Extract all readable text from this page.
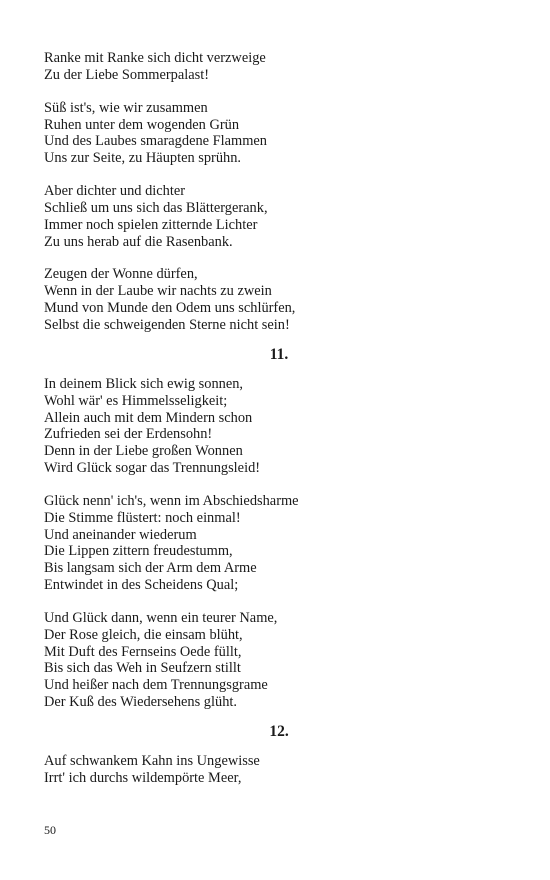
Ranke mit Ranke sich dicht verzweige
Zu der Liebe Sommerpalast!
Süß ist's, wie wir zusammen
Ruhen unter dem wogenden Grün
Und des Laubes smaragdene Flammen
Uns zur Seite, zu Häupten sprühn.
Aber dichter und dichter
Schließ um uns sich das Blättergerank,
Immer noch spielen zitternde Lichter
Zu uns herab auf die Rasenbank.
Zeugen der Wonne dürfen,
Wenn in der Laube wir nachts zu zwein
Mund von Munde den Odem uns schlürfen,
Selbst die schweigenden Sterne nicht sein!
11.
In deinem Blick sich ewig sonnen,
Wohl wär' es Himmelsseligkeit;
Allein auch mit dem Mindern schon
Zufrieden sei der Erdensohn!
Denn in der Liebe großen Wonnen
Wird Glück sogar das Trennungsleid!
Glück nenn' ich's, wenn im Abschiedsharme
Die Stimme flüstert: noch einmal!
Und aneinander wiederum
Die Lippen zittern freudestumm,
Bis langsam sich der Arm dem Arme
Entwindet in des Scheidens Qual;
Und Glück dann, wenn ein teurer Name,
Der Rose gleich, die einsam blüht,
Mit Duft des Fernseins Oede füllt,
Bis sich das Weh in Seufzern stillt
Und heißer nach dem Trennungsgrame
Der Kuß des Wiedersehens glüht.
12.
Auf schwankem Kahn ins Ungewisse
Irrt' ich durchs wildempörte Meer,
50
